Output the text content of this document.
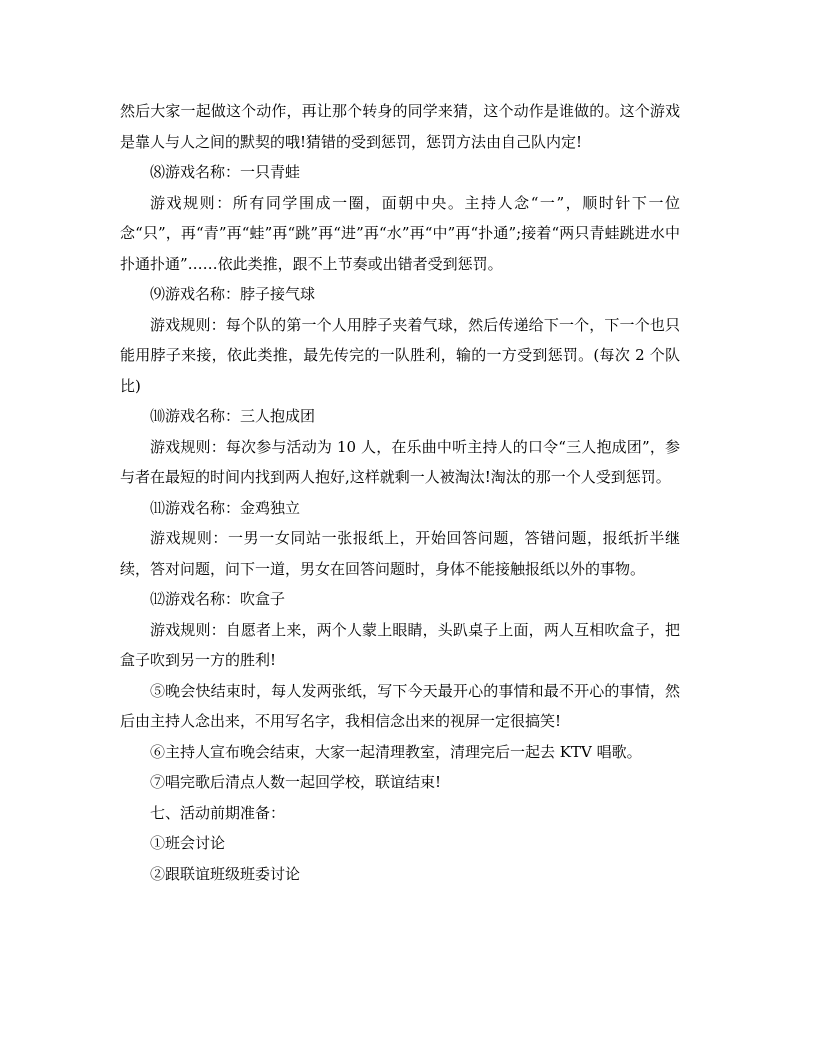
然后大家一起做这个动作，再让那个转身的同学来猜，这个动作是谁做的。这个游戏是靠人与人之间的默契的哦!猜错的受到惩罚，惩罚方法由自己队内定!

⑻游戏名称：一只青蛙

游戏规则：所有同学围成一圈，面朝中央。主持人念“一”，顺时针下一位念“只”，再“青”再“蛙”再“跳”再“进”再“水”再“中”再“扑通”;接着“两只青蛙跳进水中扑通扑通”……依此类推，跟不上节奏或出错者受到惩罚。

⑼游戏名称：脖子接气球

游戏规则：每个队的第一个人用脖子夹着气球，然后传递给下一个，下一个也只能用脖子来接，依此类推，最先传完的一队胜利，输的一方受到惩罚。(每次 2 个队比)

⑽游戏名称：三人抱成团

游戏规则：每次参与活动为 10 人，在乐曲中听主持人的口令“三人抱成团”，参与者在最短的时间内找到两人抱好,这样就剩一人被淘汰!淘汰的那一个人受到惩罚。

⑾游戏名称：金鸡独立

游戏规则：一男一女同站一张报纸上，开始回答问题，答错问题，报纸折半继续，答对问题，问下一道，男女在回答问题时，身体不能接触报纸以外的事物。

⑿游戏名称：吹盒子

游戏规则：自愿者上来，两个人蒙上眼睛，头趴桌子上面，两人互相吹盒子，把盒子吹到另一方的胜利!

⑤晚会快结束时，每人发两张纸，写下今天最开心的事情和最不开心的事情，然后由主持人念出来，不用写名字，我相信念出来的视屏一定很搞笑!

⑥主持人宣布晚会结束，大家一起清理教室，清理完后一起去 KTV 唱歌。

⑦唱完歌后清点人数一起回学校，联谊结束!

七、活动前期准备：

①班会讨论

②跟联谊班级班委讨论
